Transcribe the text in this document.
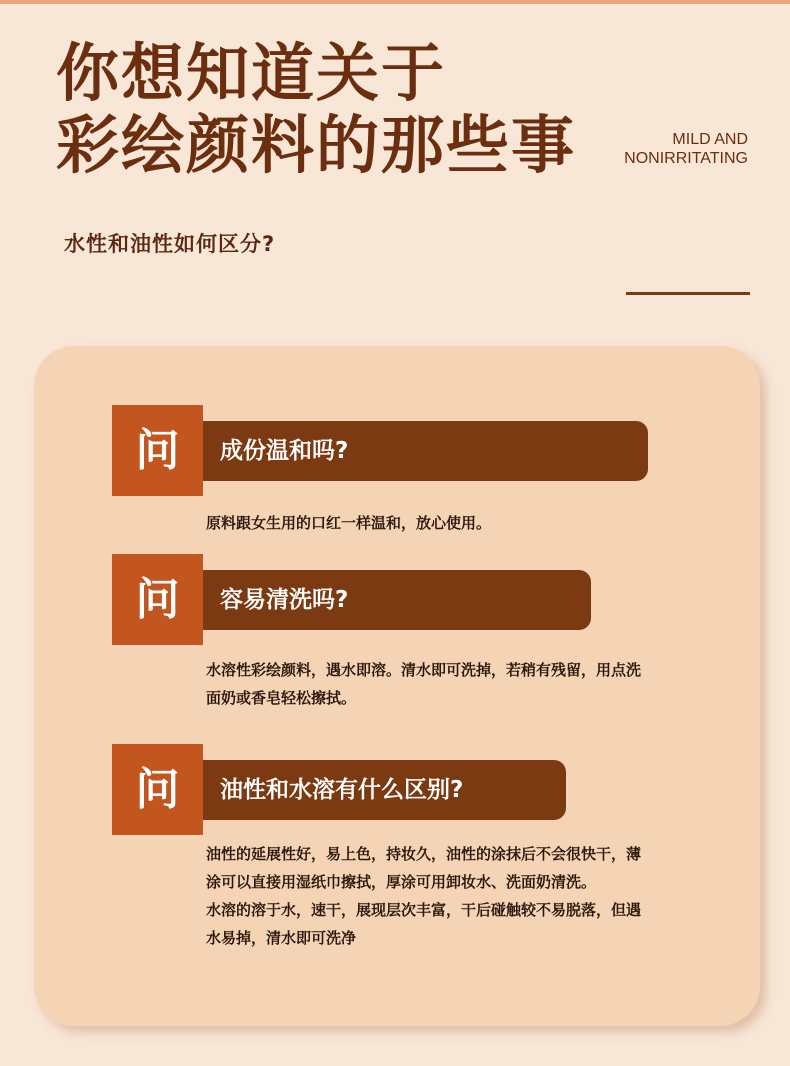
你想知道关于
彩绘颜料的那些事	MILD AND
NONIRRITATING
水性和油性如何区分?
问	成份温和吗?
原料跟女生用的口红一样温和，放心使用。
问	容易清洗吗?
水溶性彩绘颜料，遇水即溶。清水即可洗掉，若稍有残留，用点洗
面奶或香皂轻松擦拭。
问	油性和水溶有什么区别?
油性的延展性好，易上色，持妆久，油性的涂抹后不会很快干，薄
涂可以直接用湿纸巾擦拭，厚涂可用卸妆水、洗面奶清洗。
水溶的溶于水，速干，展现层次丰富，干后碰触较不易脱落，但遇
水易掉，清水即可洗净
